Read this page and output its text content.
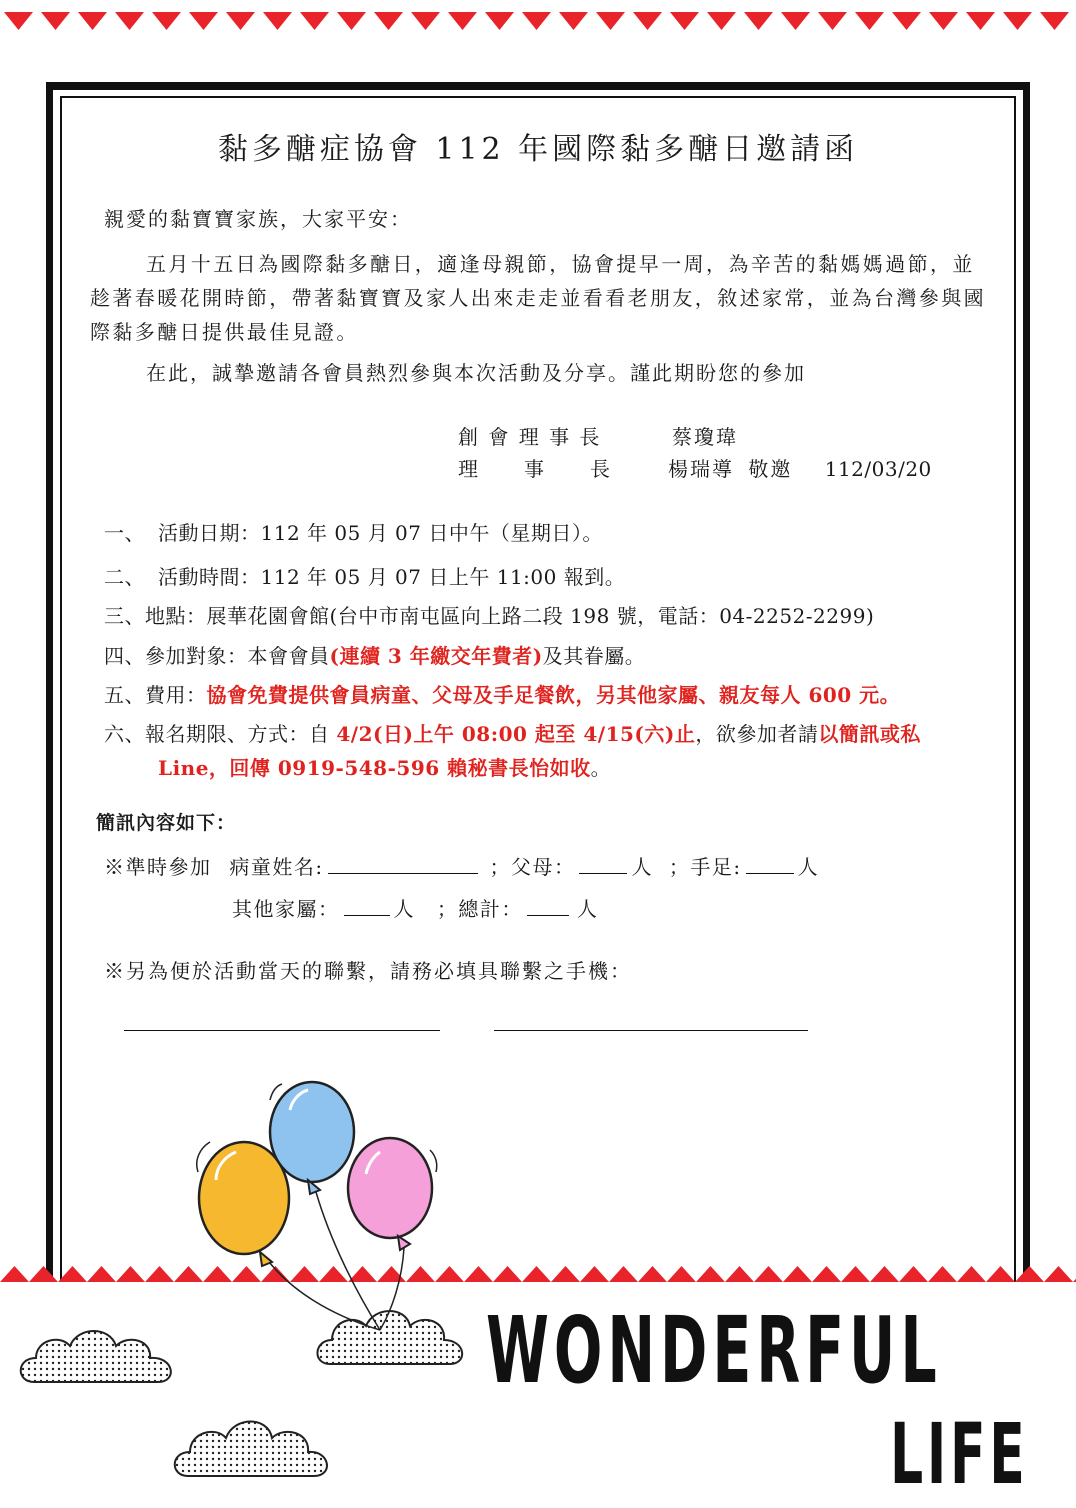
黏多醣症協會 112 年國際黏多醣日邀請函
親愛的黏寶寶家族，大家平安：
五月十五日為國際黏多醣日，適逢母親節，協會提早一周，為辛苦的黏媽媽過節，並趁著春暖花開時節，帶著黏寶寶及家人出來走走並看看老朋友，敘述家常，並為台灣參與國際黏多醣日提供最佳見證。
在此，誠摯邀請各會員熱烈參與本次活動及分享。謹此期盼您的參加
創 會 理 事 長	蔡瓊瑋
理　　事　　長	楊瑞導 敬邀 112/03/20
一、 活動日期：112 年 05 月 07 日中午（星期日）。
二、 活動時間：112 年 05 月 07 日上午 11:00 報到。
三、地點：展華花園會館(台中市南屯區向上路二段 198 號，電話：04-2252-2299)
四、參加對象：本會會員(連續 3 年繳交年費者)及其眷屬。
五、費用：協會免費提供會員病童、父母及手足餐飲，另其他家屬、親友每人 600 元。
六、報名期限、方式：自 4/2(日)上午 08:00 起至 4/15(六)止，欲參加者請以簡訊或私
Line，回傳 0919-548-596 賴秘書長怡如收。
簡訊內容如下：
※準時參加 病童姓名:	；父母：	人 ；手足:	人
其他家屬：	人 ；總計：	人
※另為便於活動當天的聯繫，請務必填具聯繫之手機：
WONDERFUL
LIFE
